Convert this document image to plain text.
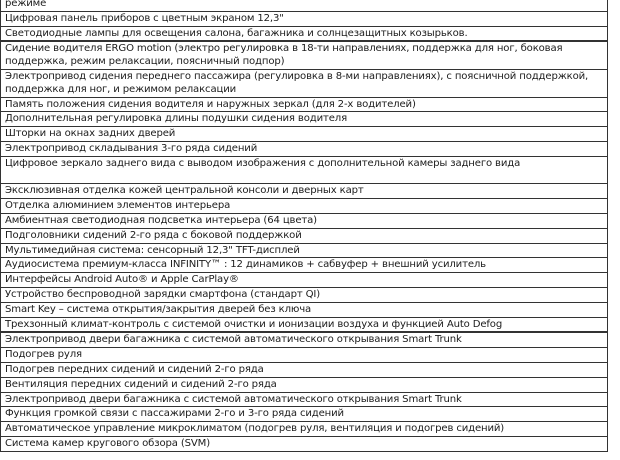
режиме
Цифровая панель приборов с цветным экраном 12,3"
Светодиодные лампы для освещения салона, багажника и солнцезащитных козырьков.
Сидение водителя ERGO motion (электро регулировка в 18-ти направлениях, поддержка для ног, боковая
поддержка, режим релаксации, поясничный подпор)
Электропривод сидения переднего пассажира (регулировка в 8-ми направлениях), с поясничной поддержкой,
поддержка для ног, и режимом релаксации
Память положения сидения водителя и наружных зеркал (для 2-х водителей)
Дополнительная регулировка длины подушки сидения водителя
Шторки на окнах задних дверей
Электропривод складывания 3-го ряда сидений
Цифровое зеркало заднего вида с выводом изображения с дополнительной камеры заднего вида

Эксклюзивная отделка кожей центральной консоли и дверных карт
Отделка алюминием элементов интерьера
Амбиентная светодиодная подсветка интерьера (64 цвета)
Подголовники сидений 2-го ряда с боковой поддержкой
Мультимедийная система: сенсорный 12,3" TFT-дисплей
Аудиосистема премиум-класса INFINITY™ : 12 динамиков + сабвуфер + внешний усилитель
Интерфейсы Android Auto® и Apple CarPlay®
Устройство беспроводной зарядки смартфона (стандарт QI)
Smart Key – система открытия/закрытия дверей без ключа
Трехзонный климат-контроль с системой очистки и ионизации воздуха и функцией Auto Defog
Электропривод двери багажника с системой автоматического открывания Smart Trunk
Подогрев руля
Подогрев передних сидений и сидений 2-го ряда
Вентиляция передних сидений и сидений 2-го ряда
Электропривод двери багажника с системой автоматического открывания Smart Trunk
Функция громкой связи с пассажирами 2-го и 3-го ряда сидений
Автоматическое управление микроклиматом (подогрев руля, вентиляция и подогрев сидений)
Система камер кругового обзора (SVM)
